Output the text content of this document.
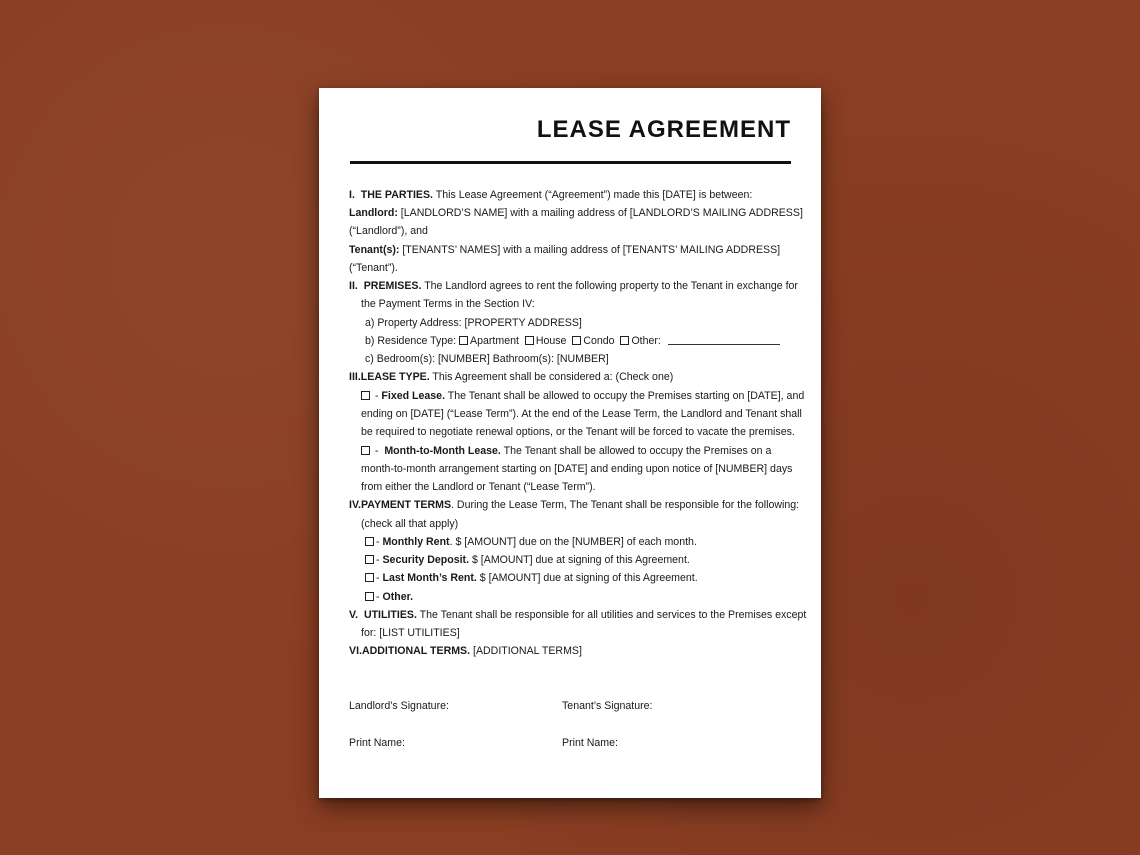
LEASE AGREEMENT
I. THE PARTIES. This Lease Agreement (“Agreement”) made this [DATE] is between:
Landlord: [LANDLORD’S NAME] with a mailing address of [LANDLORD’S MAILING ADDRESS]
(“Landlord”), and
Tenant(s): [TENANTS’ NAMES] with a mailing address of [TENANTS’ MAILING ADDRESS]
(“Tenant”).
II. PREMISES. The Landlord agrees to rent the following property to the Tenant in exchange for
the Payment Terms in the Section IV:
a) Property Address: [PROPERTY ADDRESS]
b) Residence Type: Apartment House Condo Other:
c) Bedroom(s): [NUMBER] Bathroom(s): [NUMBER]
III.LEASE TYPE. This Agreement shall be considered a: (Check one)
- Fixed Lease. The Tenant shall be allowed to occupy the Premises starting on [DATE], and
ending on [DATE] (“Lease Term”). At the end of the Lease Term, the Landlord and Tenant shall
be required to negotiate renewal options, or the Tenant will be forced to vacate the premises.
-  Month-to-Month Lease. The Tenant shall be allowed to occupy the Premises on a
month-to-month arrangement starting on [DATE] and ending upon notice of [NUMBER] days
from either the Landlord or Tenant (“Lease Term”).
IV.PAYMENT TERMS. During the Lease Term, The Tenant shall be responsible for the following:
(check all that apply)
- Monthly Rent. $ [AMOUNT] due on the [NUMBER] of each month.
- Security Deposit. $ [AMOUNT] due at signing of this Agreement.
- Last Month’s Rent. $ [AMOUNT] due at signing of this Agreement.
- Other.
V. UTILITIES. The Tenant shall be responsible for all utilities and services to the Premises except
for: [LIST UTILITIES]
VI.ADDITIONAL TERMS. [ADDITIONAL TERMS]
Landlord’s Signature:	Tenant’s Signature:
Print Name:	Print Name:
